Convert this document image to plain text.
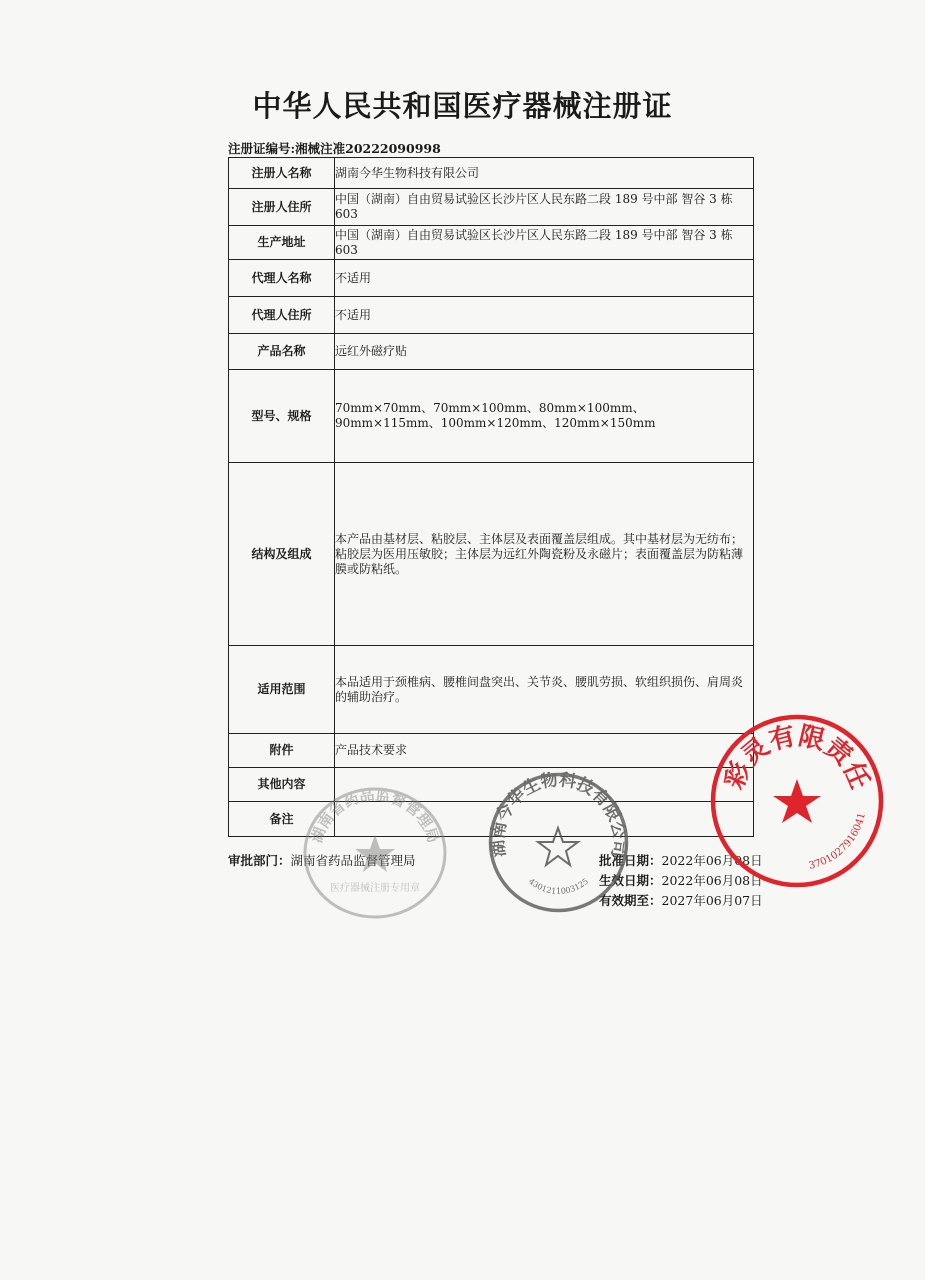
中华人民共和国医疗器械注册证
注册证编号:湘械注准20222090998
注册人名称	湖南今华生物科技有限公司
注册人住所	中国（湖南）自由贸易试验区长沙片区人民东路二段 189 号中部 智谷 3 栋 603
生产地址	中国（湖南）自由贸易试验区长沙片区人民东路二段 189 号中部 智谷 3 栋 603
代理人名称	不适用
代理人住所	不适用
产品名称	远红外磁疗贴
型号、规格	70mm×70mm、70mm×100mm、80mm×100mm、 90mm×115mm、100mm×120mm、120mm×150mm
结构及组成	本产品由基材层、粘胶层、主体层及表面覆盖层组成。其中基材层为无纺布；粘胶层为医用压敏胶；主体层为远红外陶瓷粉及永磁片；表面覆盖层为防粘薄膜或防粘纸。
适用范围	本品适用于颈椎病、腰椎间盘突出、关节炎、腰肌劳损、软组织损伤、肩周炎的辅助治疗。
附件	产品技术要求
其他内容	
备注	
审批部门：湖南省药品监督管理局	批准日期：2022年06月08日
生效日期：2022年06月08日
有效期至：2027年06月07日
湖南省药品监督管理局
医疗器械注册专用章
湖南今华生物科技有限公司
4301211003125
济南彩灵有限责任公司
3701027916041
